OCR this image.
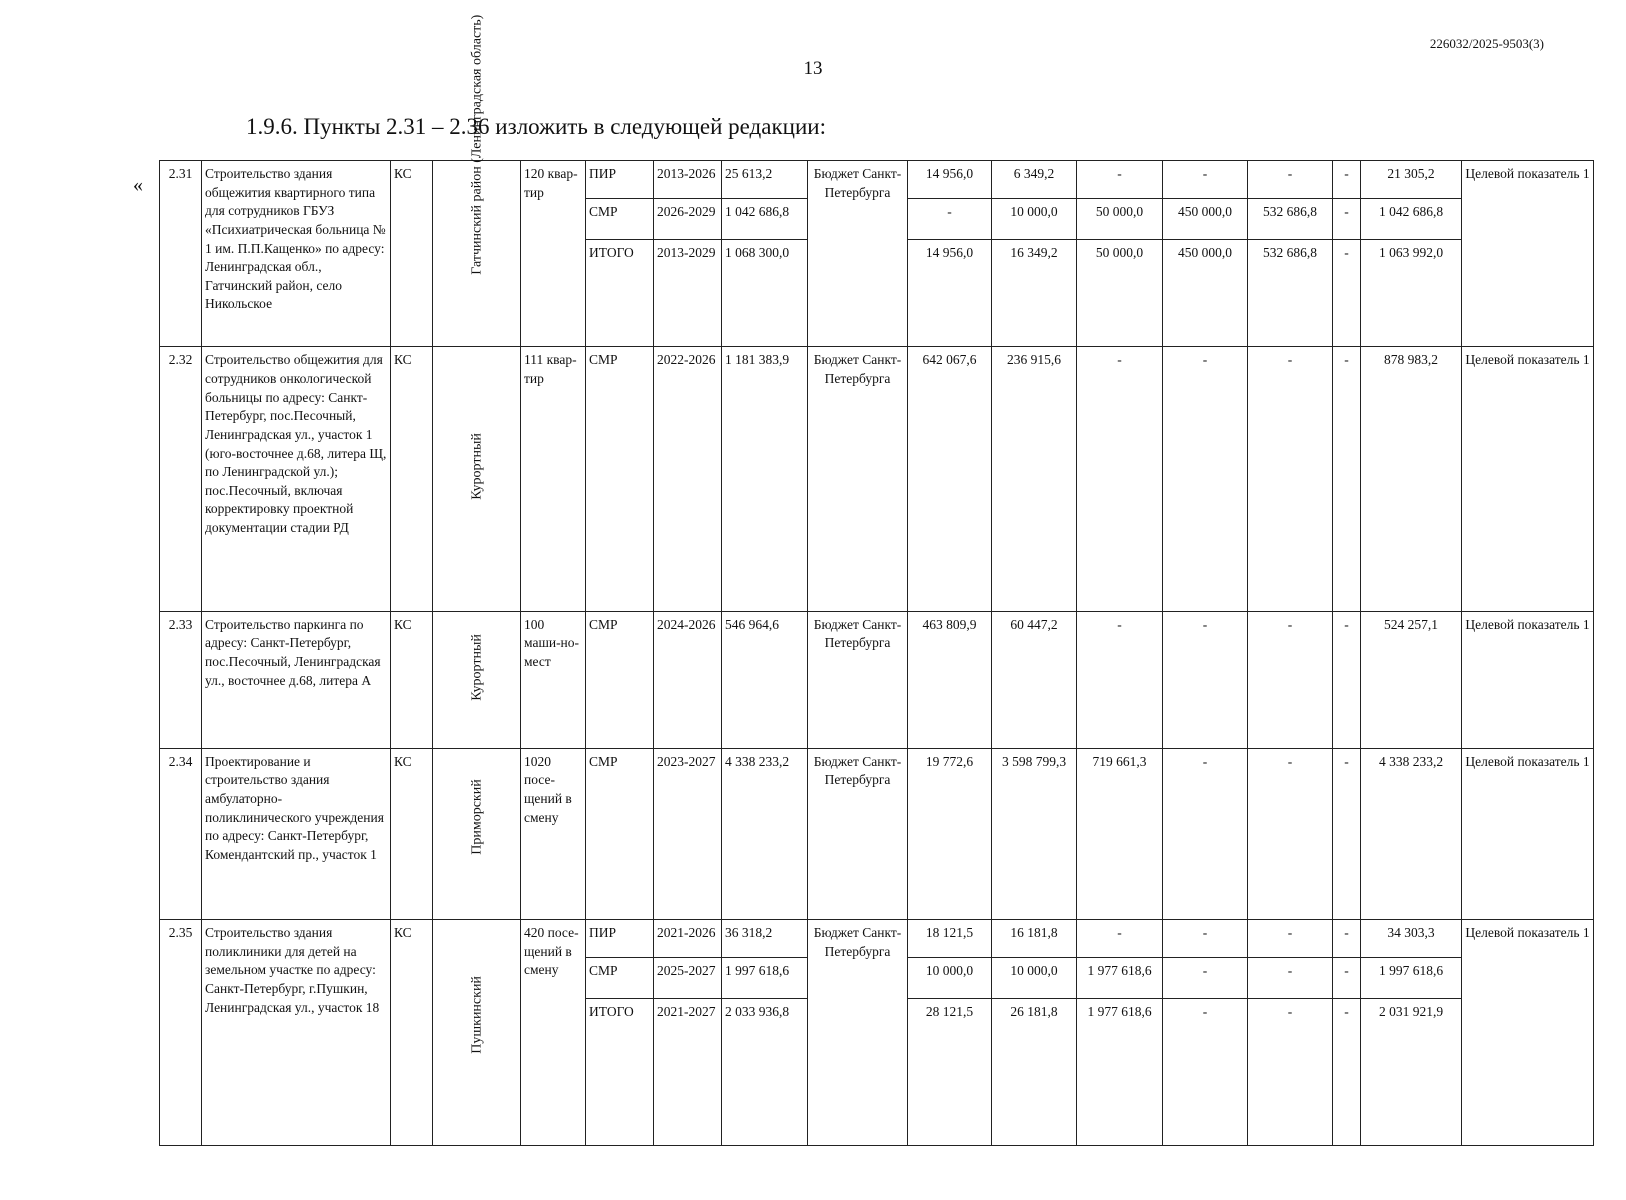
226032/2025-9503(3)
13
1.9.6. Пункты 2.31 – 2.36 изложить в следующей редакции:
«
2.31	Строительство здания общежития квартирного типа для сотрудников ГБУЗ «Психиатрическая больница № 1 им. П.П.Кащенко» по адресу: Ленинградская обл., Гатчинский район, село Никольское	КС	Гатчинский район (Ленинградская область)	120 квар-тир	ПИР	2013-2026	25 613,2	Бюджет Санкт-Петербурга	14 956,0	6 349,2	-	-	-	-	21 305,2	Целевой показатель 1
					СМР	2026-2029	1 042 686,8		-	10 000,0	50 000,0	450 000,0	532 686,8	-	1 042 686,8	
					ИТОГО	2013-2029	1 068 300,0		14 956,0	16 349,2	50 000,0	450 000,0	532 686,8	-	1 063 992,0	
2.32	Строительство общежития для сотрудников онкологической больницы по адресу: Санкт-Петербург, пос.Песочный, Ленинградская ул., участок 1 (юго-восточнее д.68, литера Щ, по Ленинградской ул.); пос.Песочный, включая корректировку проектной документации стадии РД	КС	Курортный	111 квар-тир	СМР	2022-2026	1 181 383,9	Бюджет Санкт-Петербурга	642 067,6	236 915,6	-	-	-	-	878 983,2	Целевой показатель 1
2.33	Строительство паркинга по адресу: Санкт-Петербург, пос.Песочный, Ленинградская ул., восточнее д.68, литера А	КС	Курортный	100 маши-но-мест	СМР	2024-2026	546 964,6	Бюджет Санкт-Петербурга	463 809,9	60 447,2	-	-	-	-	524 257,1	Целевой показатель 1
2.34	Проектирование и строительство здания амбулаторно-поликлинического учреждения по адресу: Санкт-Петербург, Комендантский пр., участок 1	КС	Приморский	1020 посе-щений в смену	СМР	2023-2027	4 338 233,2	Бюджет Санкт-Петербурга	19 772,6	3 598 799,3	719 661,3	-	-	-	4 338 233,2	Целевой показатель 1
2.35	Строительство здания поликлиники для детей на земельном участке по адресу: Санкт-Петербург, г.Пушкин, Ленинградская ул., участок 18	КС	Пушкинский	420 посе-щений в смену	ПИР	2021-2026	36 318,2	Бюджет Санкт-Петербурга	18 121,5	16 181,8	-	-	-	-	34 303,3	Целевой показатель 1
					СМР	2025-2027	1 997 618,6		10 000,0	10 000,0	1 977 618,6	-	-	-	1 997 618,6	
					ИТОГО	2021-2027	2 033 936,8		28 121,5	26 181,8	1 977 618,6	-	-	-	2 031 921,9	
